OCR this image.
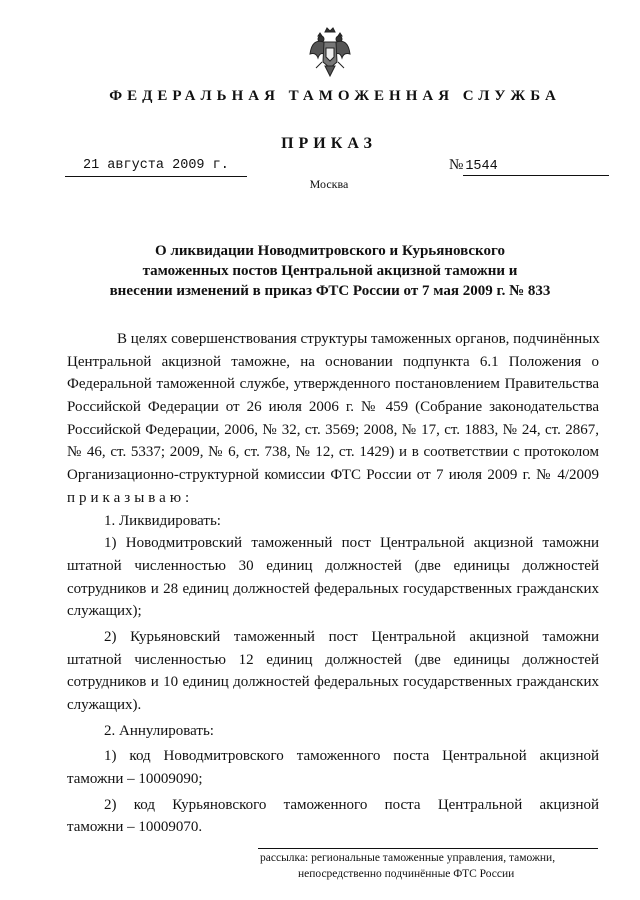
ФЕДЕРАЛЬНАЯ ТАМОЖЕННАЯ СЛУЖБА
ПРИКАЗ
21 августа 2009 г.	№ 1544
Москва
О ликвидации Новодмитровского и Курьяновского
таможенных постов Центральной акцизной таможни и
внесении изменений в приказ ФТС России от 7 мая 2009 г. № 833
В целях совершенствования структуры таможенных органов, подчинённых
Центральной акцизной таможне, на основании подпункта 6.1 Положения о
Федеральной таможенной службе, утвержденного постановлением Правительства
Российской Федерации от 26 июля 2006 г. № 459 (Собрание законодательства
Российской Федерации, 2006, № 32, ст. 3569; 2008, № 17, ст. 1883, № 24, ст. 2867,
№ 46, ст. 5337; 2009, № 6, ст. 738, № 12, ст. 1429) и в соответствии с протоколом
Организационно-структурной комиссии ФТС России от 7 июля 2009 г. № 4/2009
приказываю:
1. Ликвидировать:
1) Новодмитровский таможенный пост Центральной акцизной таможни
штатной численностью 30 единиц должностей (две единицы должностей
сотрудников и 28 единиц должностей федеральных государственных гражданских
служащих);
2) Курьяновский таможенный пост Центральной акцизной таможни
штатной численностью 12 единиц должностей (две единицы должностей
сотрудников и 10 единиц должностей федеральных государственных гражданских
служащих).
2. Аннулировать:
1) код Новодмитровского таможенного поста Центральной акцизной
таможни – 10009090;
2) код Курьяновского таможенного поста Центральной акцизной
таможни – 10009070.
рассылка: региональные таможенные управления, таможни,
непосредственно подчинённые ФТС России
